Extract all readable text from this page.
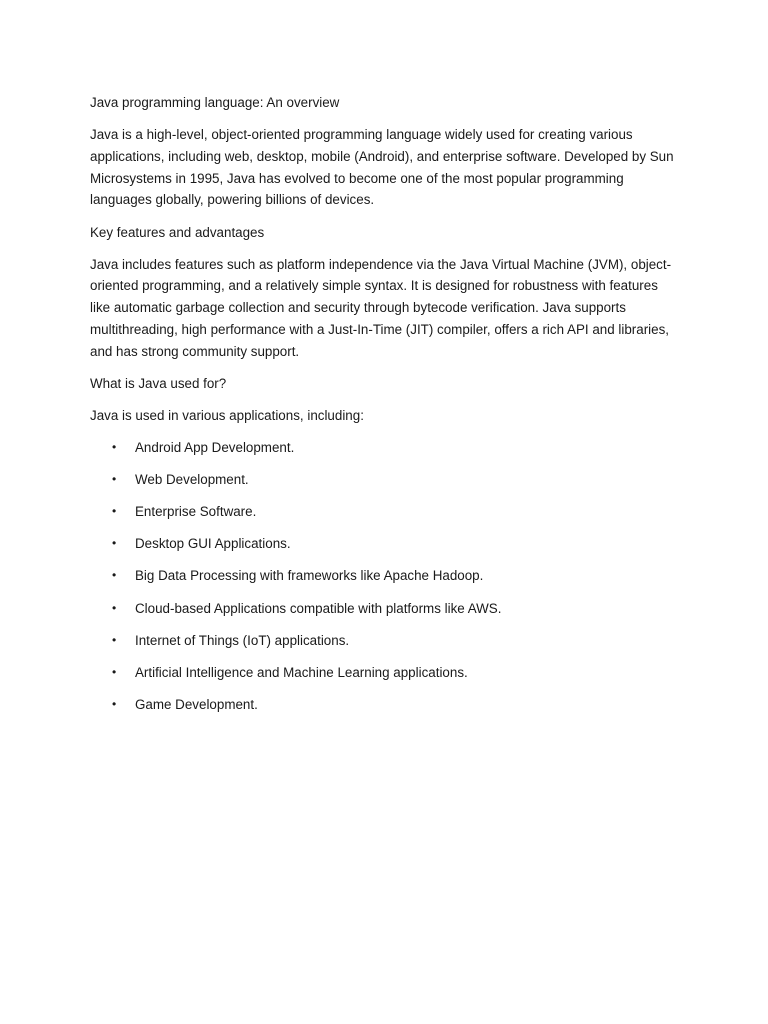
Java programming language: An overview

Java is a high-level, object-oriented programming language widely used for creating various applications, including web, desktop, mobile (Android), and enterprise software. Developed by Sun Microsystems in 1995, Java has evolved to become one of the most popular programming languages globally, powering billions of devices.

Key features and advantages

Java includes features such as platform independence via the Java Virtual Machine (JVM), object-oriented programming, and a relatively simple syntax. It is designed for robustness with features like automatic garbage collection and security through bytecode verification. Java supports multithreading, high performance with a Just-In-Time (JIT) compiler, offers a rich API and libraries, and has strong community support.

What is Java used for?

Java is used in various applications, including:

• Android App Development.
• Web Development.
• Enterprise Software.
• Desktop GUI Applications.
• Big Data Processing with frameworks like Apache Hadoop.
• Cloud-based Applications compatible with platforms like AWS.
• Internet of Things (IoT) applications.
• Artificial Intelligence and Machine Learning applications.
• Game Development.
